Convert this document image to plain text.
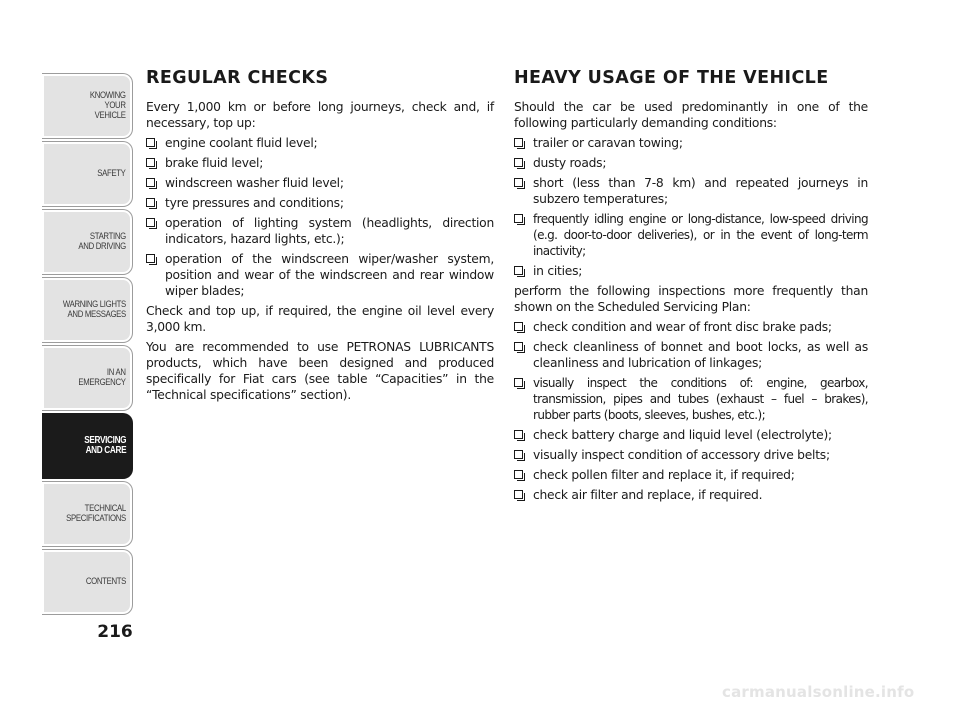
KNOWING
YOUR
VEHICLE
SAFETY
STARTING
AND DRIVING
WARNING LIGHTS
AND MESSAGES
IN AN
EMERGENCY
SERVICING
AND CARE
TECHNICAL
SPECIFICATIONS
CONTENTS
216
REGULAR CHECKS

Every 1,000 km or before long journeys, check and, if necessary, top up:

engine coolant fluid level;
brake fluid level;
windscreen washer fluid level;
tyre pressures and conditions;
operation of lighting system (headlights, direction indicators, hazard lights, etc.);
operation of the windscreen wiper/washer system, position and wear of the windscreen and rear window wiper blades;

Check and top up, if required, the engine oil level every 3,000 km.

You are recommended to use PETRONAS LUBRICANTS products, which have been designed and produced specifically for Fiat cars (see table “Capacities” in the “Technical specifications” section).

HEAVY USAGE OF THE VEHICLE

Should the car be used predominantly in one of the following particularly demanding conditions:

trailer or caravan towing;
dusty roads;
short (less than 7-8 km) and repeated journeys in subzero temperatures;
frequently idling engine or long-distance, low-speed driving (e.g. door-to-door deliveries), or in the event of long-term inactivity;
in cities;

perform the following inspections more frequently than shown on the Scheduled Servicing Plan:

check condition and wear of front disc brake pads;
check cleanliness of bonnet and boot locks, as well as cleanliness and lubrication of linkages;
visually inspect the conditions of: engine, gearbox, transmission, pipes and tubes (exhaust – fuel – brakes), rubber parts (boots, sleeves, bushes, etc.);
check battery charge and liquid level (electrolyte);
visually inspect condition of accessory drive belts;
check pollen filter and replace it, if required;
check air filter and replace, if required.
carmanualsonline.info
